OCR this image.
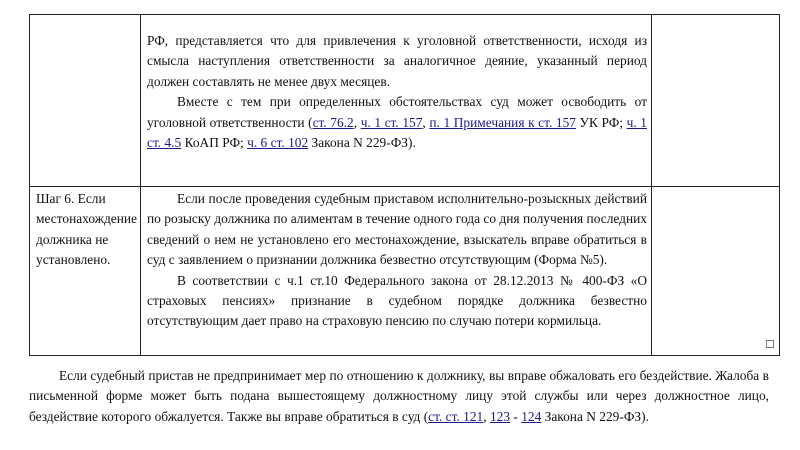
	РФ, представляется что для привлечения к уголовной ответственности, исходя из смысла наступления ответственности за аналогичное деяние, указанный период должен составлять не менее двух месяцев.

Вместе с тем при определенных обстоятельствах суд может освободить от уголовной ответственности (ст. 76.2, ч. 1 ст. 157, п. 1 Примечания к ст. 157 УК РФ; ч. 1 ст. 4.5 КоАП РФ; ч. 6 ст. 102 Закона N 229-ФЗ).	

Шаг 6. Если местонахождение должника не установлено.	Если после проведения судебным приставом исполнительно-розыскных действий по розыску должника по алиментам в течение одного года со дня получения последних сведений о нем не установлено его местонахождение, взыскатель вправе обратиться в суд с заявлением о признании должника безвестно отсутствующим (Форма №5).

В соответствии с ч.1 ст.10 Федерального закона от 28.12.2013 № 400-ФЗ «О страховых пенсиях» признание в судебном порядке должника безвестно отсутствующим дает право на страховую пенсию по случаю потери кормильца.	

Если судебный пристав не предпринимает мер по отношению к должнику, вы вправе обжаловать его бездействие. Жалоба в письменной форме может быть подана вышестоящему должностному лицу этой службы или через должностное лицо, бездействие которого обжалуется. Также вы вправе обратиться в суд (ст. ст. 121, 123 - 124 Закона N 229-ФЗ).
